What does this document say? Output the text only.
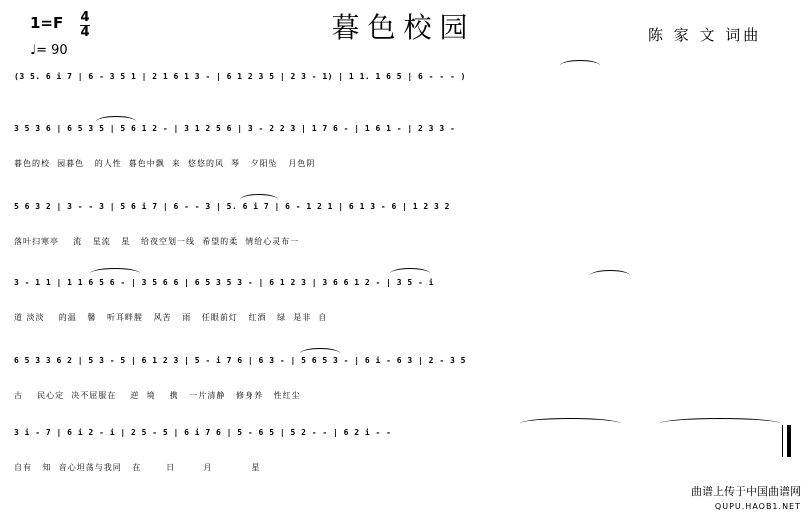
暮色校园
1=F 4
4
♩= 90
陈 家 文 词曲
(3 5. 6 i 7 | 6 - 3 5 1 | 2 1 6 1 3 - | 6 1 2 3 5 | 2 3 - 1) | 1 1. 1 6 5 | 6 - - - )
3 5 3 6 | 6 5 3 5 | 5 6 1 2 - | 3 1 2 5 6 | 3 - 2 2 3 | 1 7 6 - | 1 6 1 - | 2 3 3 -
暮色的校  园暮色   的人性  暮色中飘  来  悠悠的风  琴   夕阳坠   月色阴
5 6 3 2 | 3 - - 3 | 5 6 i 7 | 6 - - 3 | 5. 6 i 7 | 6 - 1 2 1 | 6 1 3 - 6 | 1 2 3 2
落叶扫寒亭    流   星流   星   给夜空划一线  希望的柔  情给心灵布一
3 - 1 1 | 1 1 6 5 6 - | 3 5 6 6 | 6 5 3 5 3 - | 6 1 2 3 | 3 6 6 1 2 - | 3 5 - i
道 淡淡    的温   馨   听耳畔腥   风苦   雨   任眼前灯   红酒   绿  是非  自
6 5 3 3 6 2 | 5 3 - 5 | 6 1 2 3 | 5 - i 7 6 | 6 3 - | 5 6 5 3 - | 6 i - 6 3 | 2 - 3 5
古    民心定  决不屈服在    逆  境    携   一片清静   修身养   性红尘
3 i - 7 | 6 i 2 - i | 2 5 - 5 | 6 i 7 6 | 5 - 6 5 | 5 2 - - | 6 2 i - -
自有   知  音心坦荡与我同   在       日        月           星
曲谱上传于中国曲谱网
QUPU.HAOB1.NET
